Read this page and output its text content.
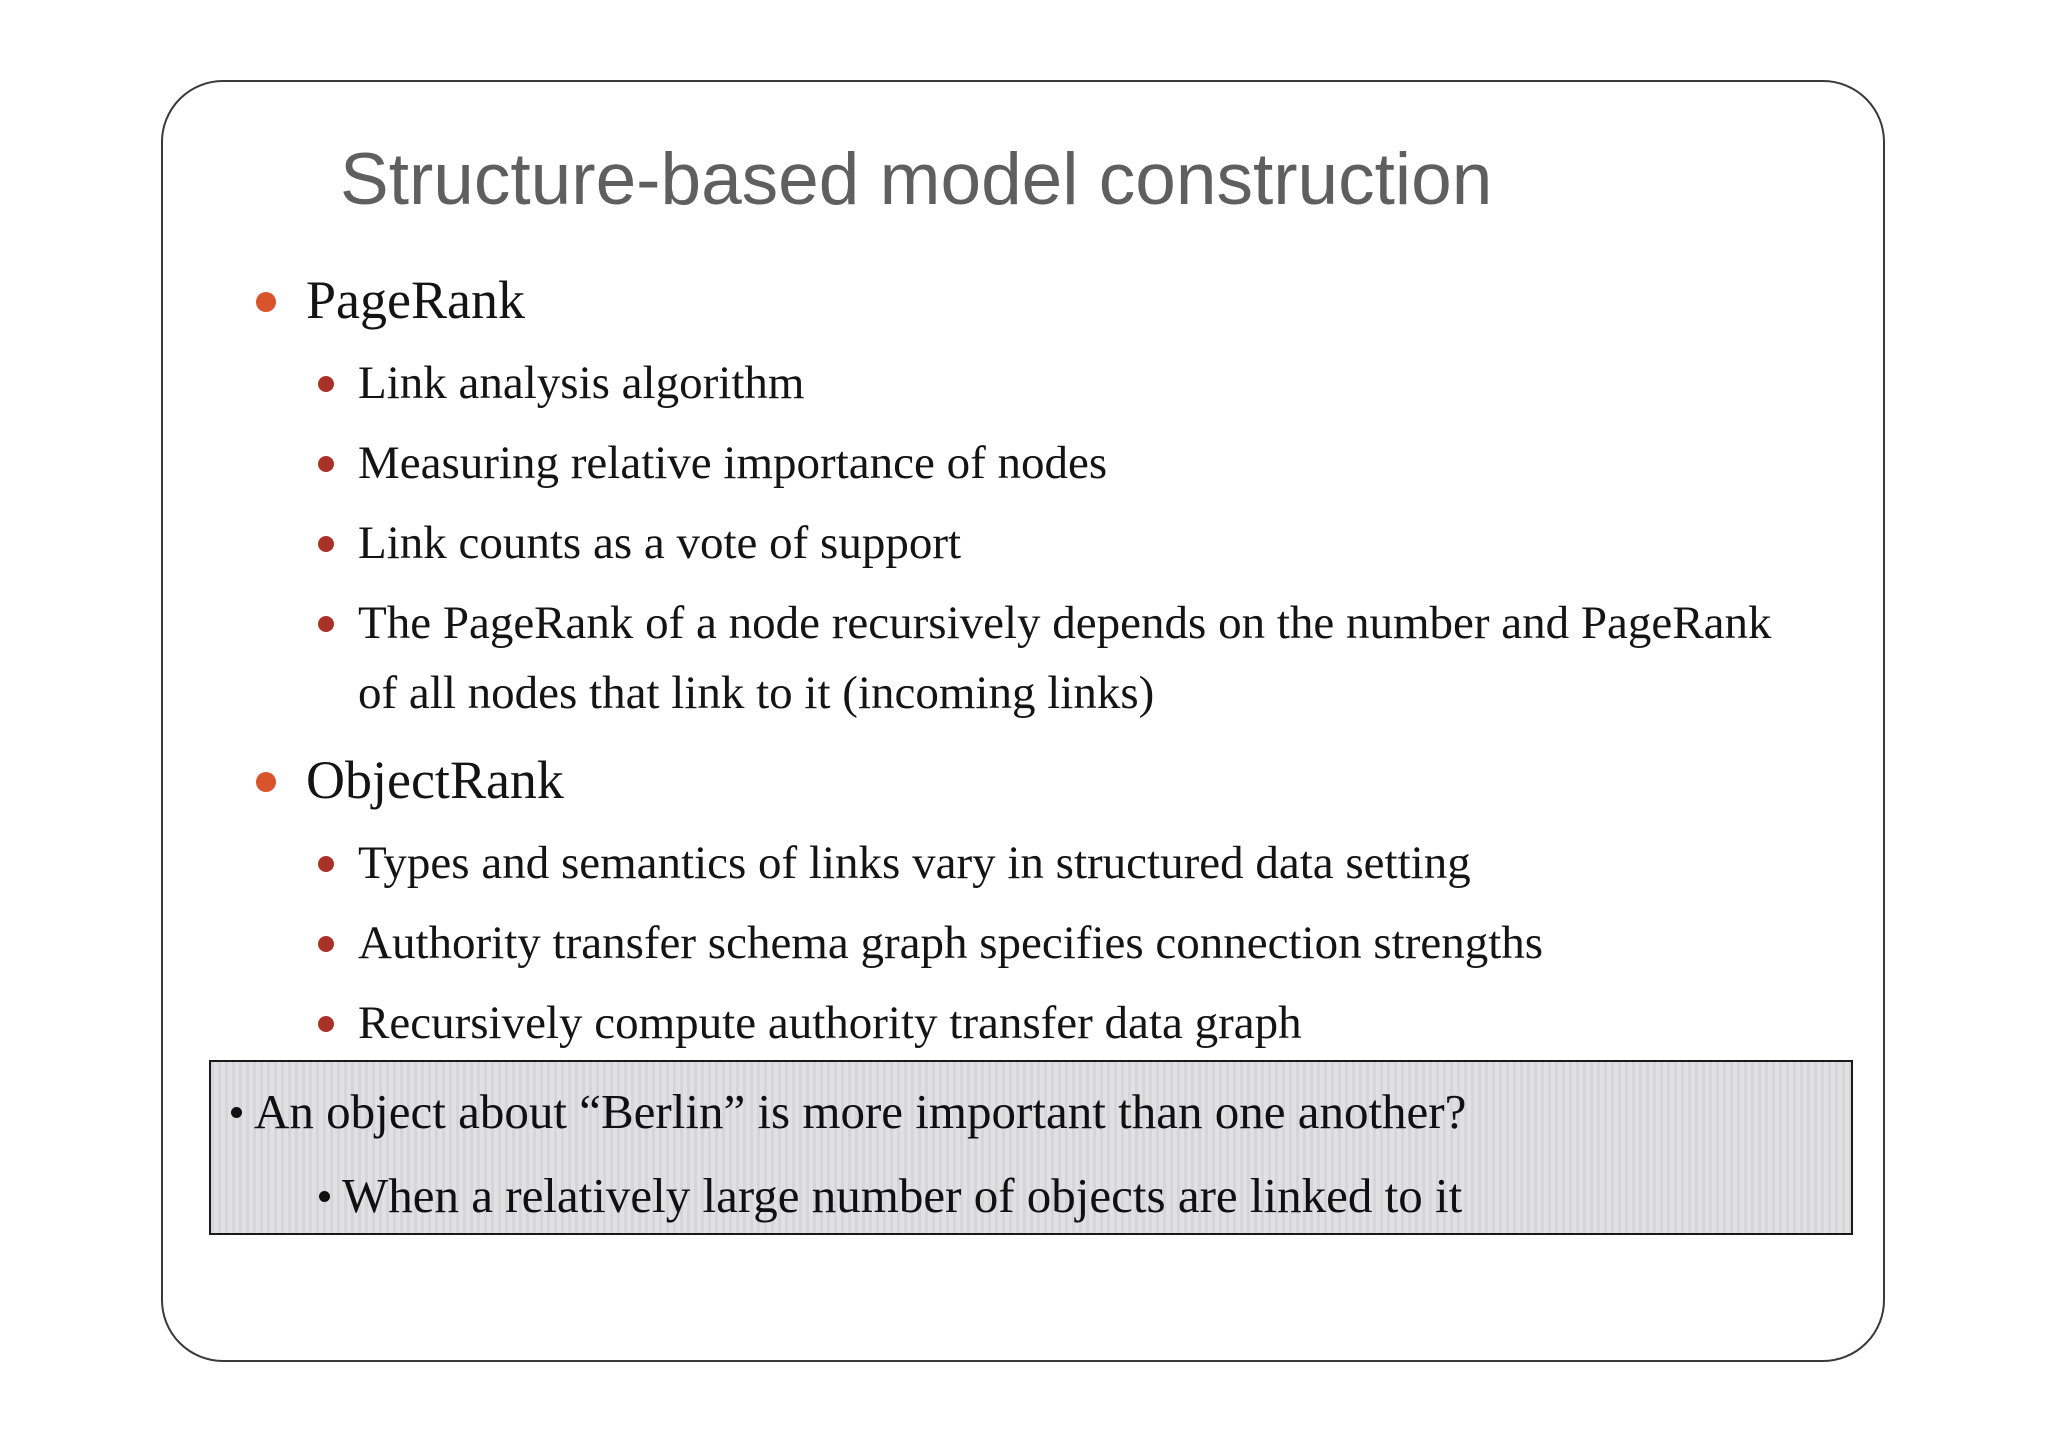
Structure-based model construction
PageRank
Link analysis algorithm
Measuring relative importance of nodes
Link counts as a vote of support
The PageRank of a node recursively depends on the number and PageRank of all nodes that link to it (incoming links)
ObjectRank
Types and semantics of links vary in structured data setting
Authority transfer schema graph specifies connection strengths
Recursively compute authority transfer data graph
An object about “Berlin” is more important than one another?
When a relatively large number of objects are linked to it
